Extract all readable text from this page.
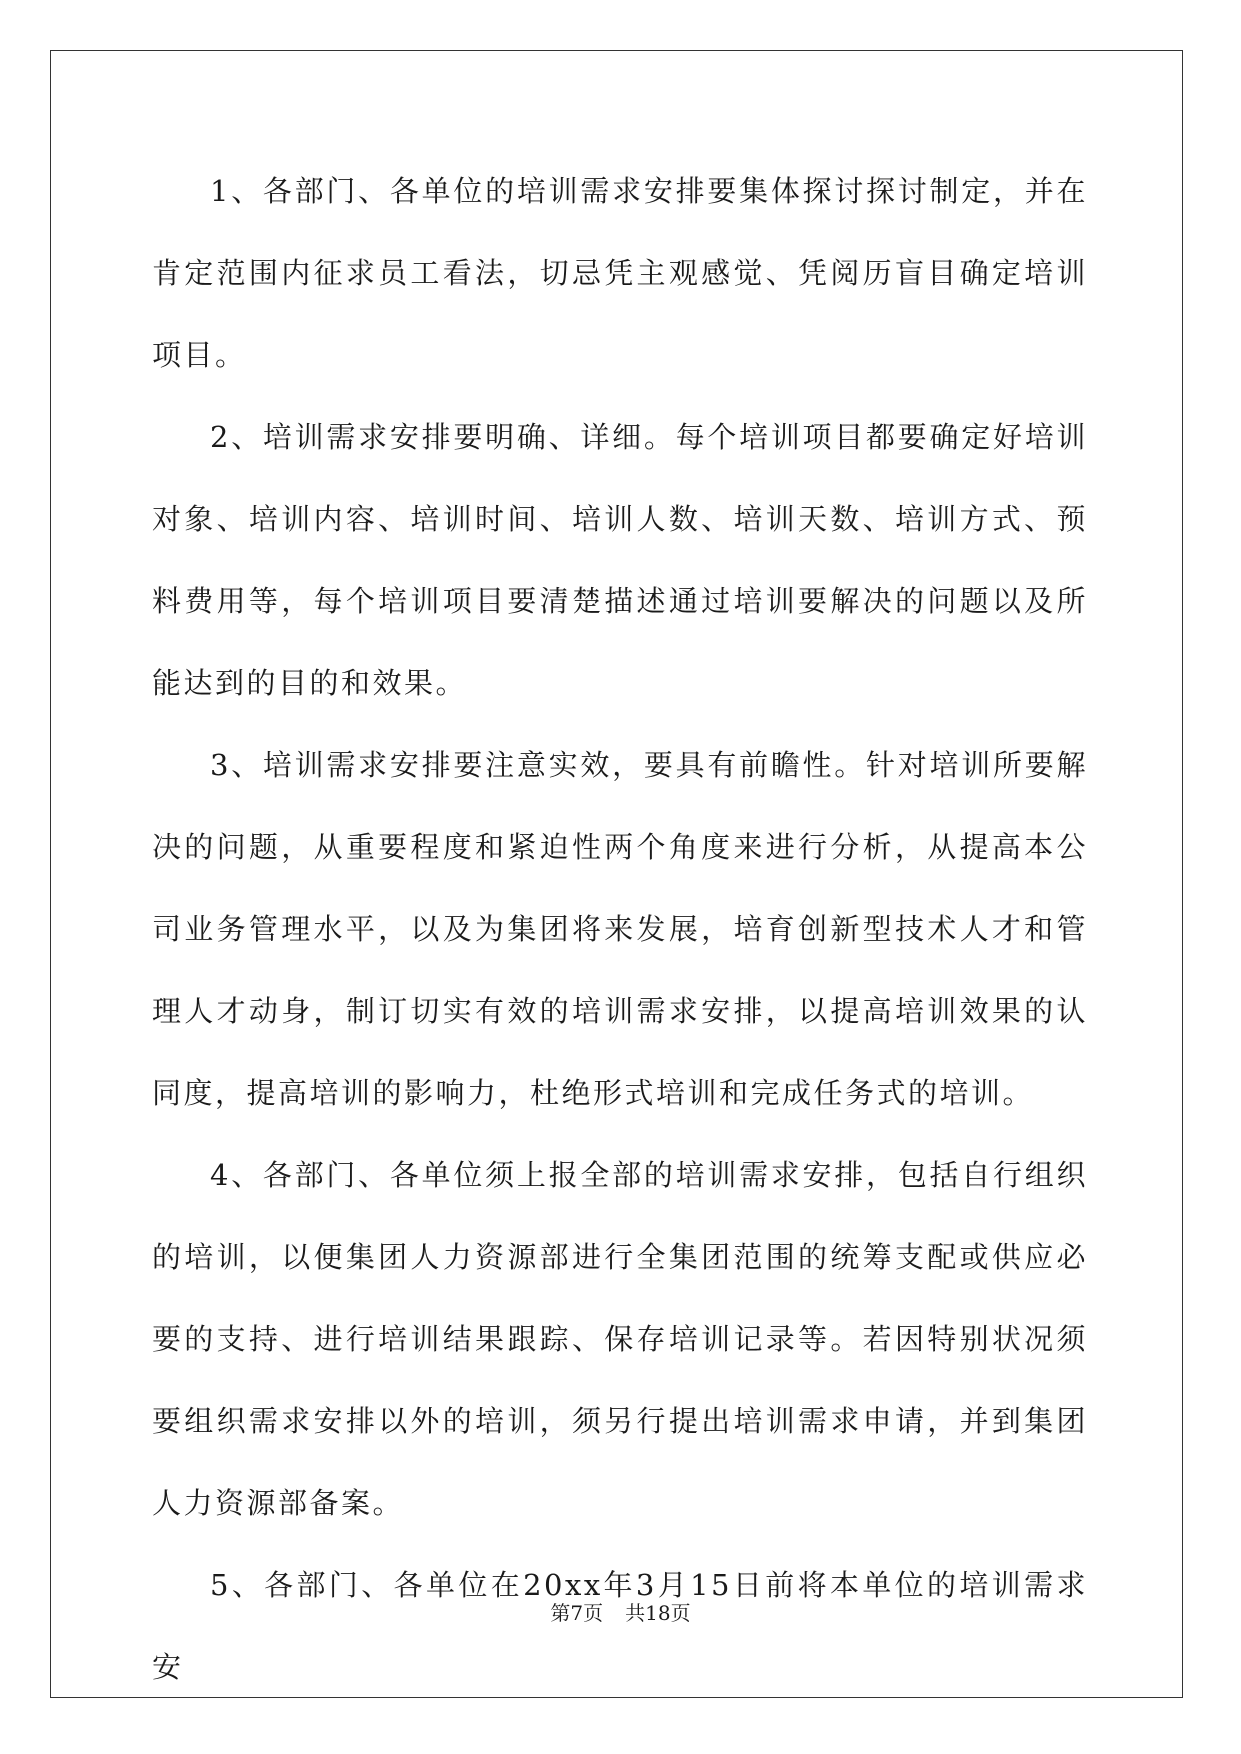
1、各部门、各单位的培训需求安排要集体探讨探讨制定，并在肯定范围内征求员工看法，切忌凭主观感觉、凭阅历盲目确定培训项目。

2、培训需求安排要明确、详细。每个培训项目都要确定好培训对象、培训内容、培训时间、培训人数、培训天数、培训方式、预料费用等，每个培训项目要清楚描述通过培训要解决的问题以及所能达到的目的和效果。

3、培训需求安排要注意实效，要具有前瞻性。针对培训所要解决的问题，从重要程度和紧迫性两个角度来进行分析，从提高本公司业务管理水平，以及为集团将来发展，培育创新型技术人才和管理人才动身，制订切实有效的培训需求安排，以提高培训效果的认同度，提高培训的影响力，杜绝形式培训和完成任务式的培训。

4、各部门、各单位须上报全部的培训需求安排，包括自行组织的培训，以便集团人力资源部进行全集团范围的统筹支配或供应必要的支持、进行培训结果跟踪、保存培训记录等。若因特别状况须要组织需求安排以外的培训，须另行提出培训需求申请，并到集团人力资源部备案。

5、各部门、各单位在20xx年3月15日前将本单位的培训需求安

第7页 共18页
